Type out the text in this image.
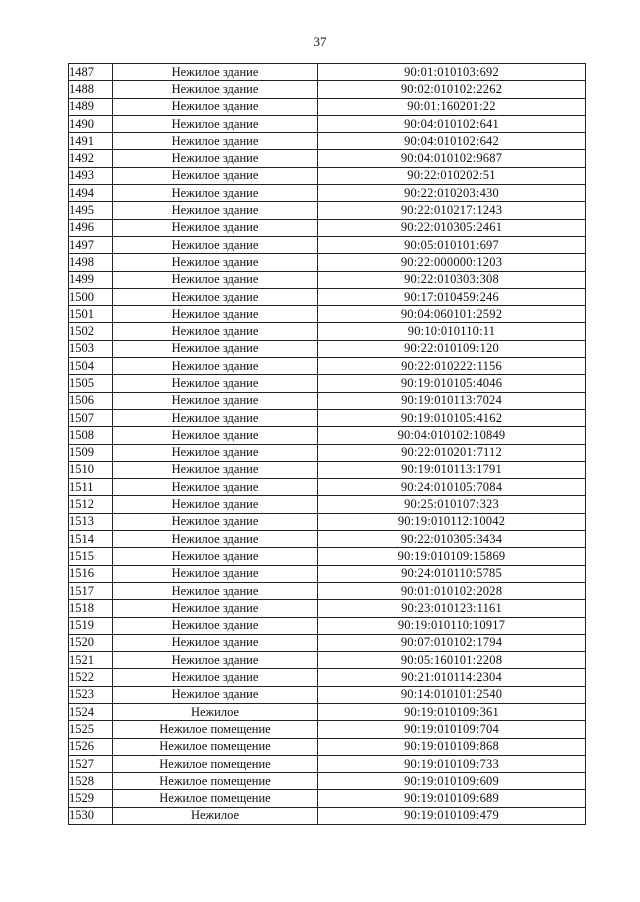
37
1487	Нежилое здание	90:01:010103:692
1488	Нежилое здание	90:02:010102:2262
1489	Нежилое здание	90:01:160201:22
1490	Нежилое здание	90:04:010102:641
1491	Нежилое здание	90:04:010102:642
1492	Нежилое здание	90:04:010102:9687
1493	Нежилое здание	90:22:010202:51
1494	Нежилое здание	90:22:010203:430
1495	Нежилое здание	90:22:010217:1243
1496	Нежилое здание	90:22:010305:2461
1497	Нежилое здание	90:05:010101:697
1498	Нежилое здание	90:22:000000:1203
1499	Нежилое здание	90:22:010303:308
1500	Нежилое здание	90:17:010459:246
1501	Нежилое здание	90:04:060101:2592
1502	Нежилое здание	90:10:010110:11
1503	Нежилое здание	90:22:010109:120
1504	Нежилое здание	90:22:010222:1156
1505	Нежилое здание	90:19:010105:4046
1506	Нежилое здание	90:19:010113:7024
1507	Нежилое здание	90:19:010105:4162
1508	Нежилое здание	90:04:010102:10849
1509	Нежилое здание	90:22:010201:7112
1510	Нежилое здание	90:19:010113:1791
1511	Нежилое здание	90:24:010105:7084
1512	Нежилое здание	90:25:010107:323
1513	Нежилое здание	90:19:010112:10042
1514	Нежилое здание	90:22:010305:3434
1515	Нежилое здание	90:19:010109:15869
1516	Нежилое здание	90:24:010110:5785
1517	Нежилое здание	90:01:010102:2028
1518	Нежилое здание	90:23:010123:1161
1519	Нежилое здание	90:19:010110:10917
1520	Нежилое здание	90:07:010102:1794
1521	Нежилое здание	90:05:160101:2208
1522	Нежилое здание	90:21:010114:2304
1523	Нежилое здание	90:14:010101:2540
1524	Нежилое	90:19:010109:361
1525	Нежилое помещение	90:19:010109:704
1526	Нежилое помещение	90:19:010109:868
1527	Нежилое помещение	90:19:010109:733
1528	Нежилое помещение	90:19:010109:609
1529	Нежилое помещение	90:19:010109:689
1530	Нежилое	90:19:010109:479
